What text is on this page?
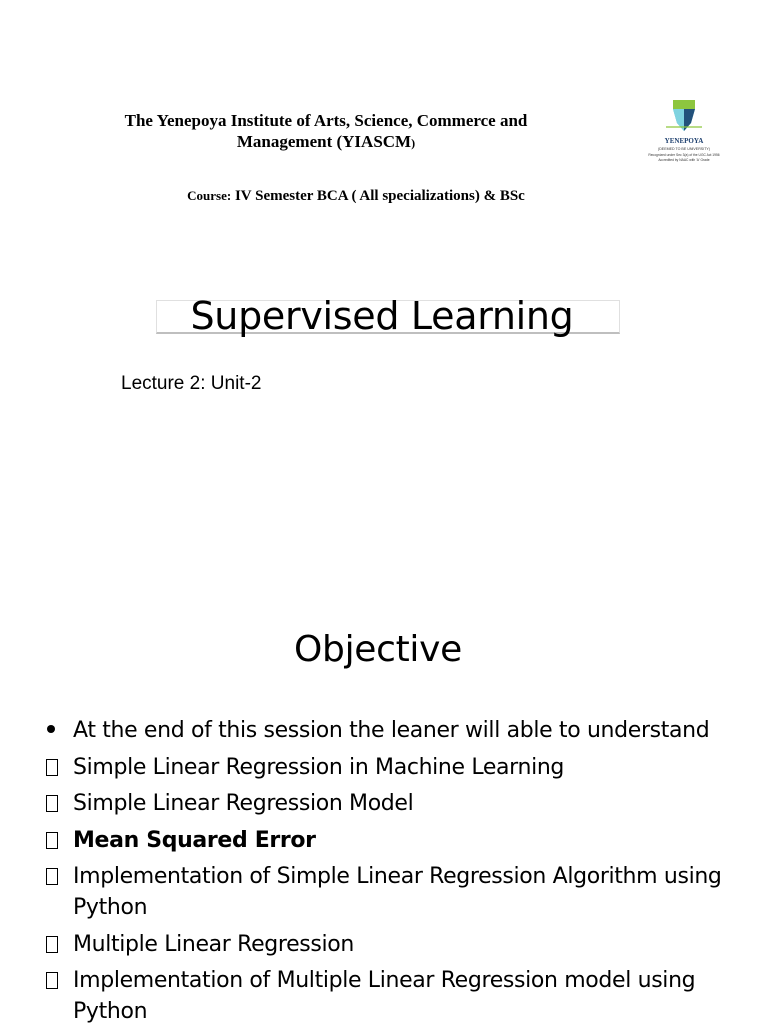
The Yenepoya Institute of Arts, Science, Commerce and
Management (YIASCM)	YENEPOYA
(DEEMED TO BE UNIVERSITY)
Recognized under Sec 3(a) of the UGC Act 1956
Accredited by NAAC with 'A' Grade
Course: IV Semester BCA ( All specializations) & BSc
Supervised Learning
Lecture 2: Unit-2
Objective
At the end of this session the leaner will able to understand
Simple Linear Regression in Machine Learning
Simple Linear Regression Model
Mean Squared Error
Implementation of Simple Linear Regression Algorithm using Python
Multiple Linear Regression
Implementation of Multiple Linear Regression model using Python
